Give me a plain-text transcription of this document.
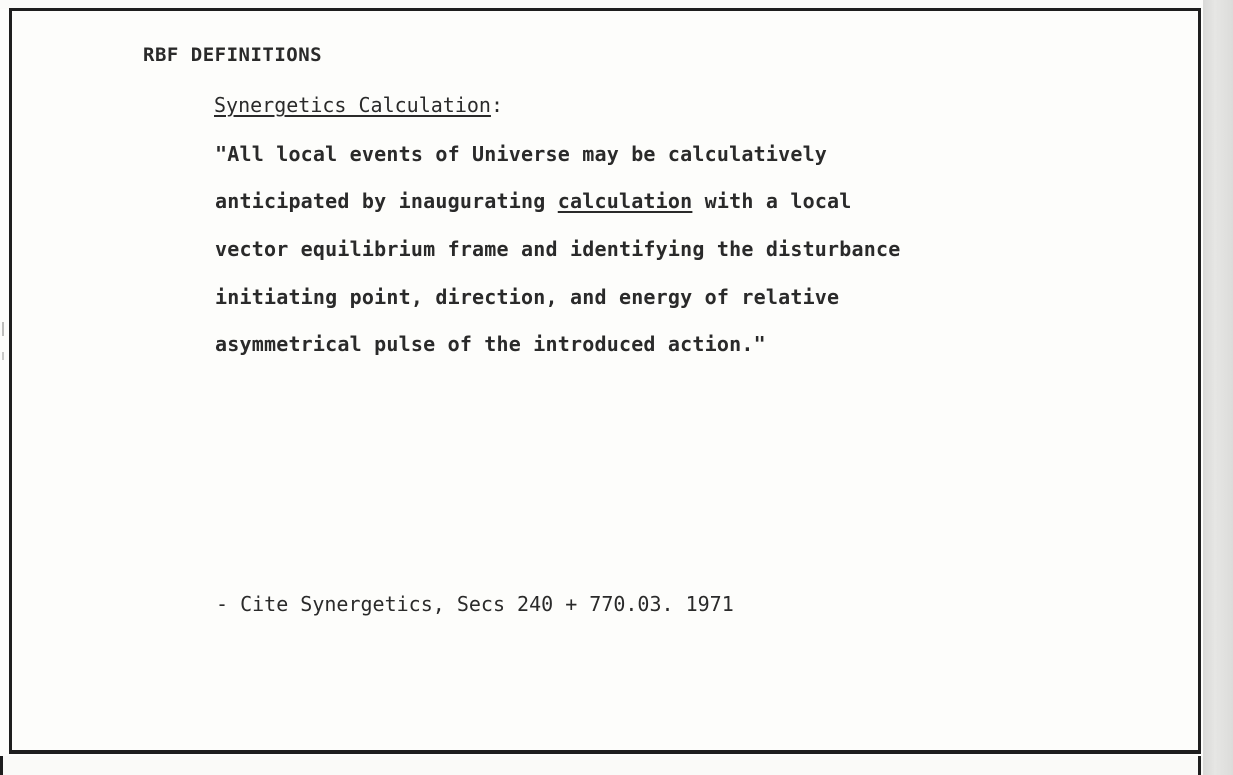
RBF DEFINITIONS
Synergetics Calculation:
"All local events of Universe may be calculatively
anticipated by inaugurating calculation with a local
vector equilibrium frame and identifying the disturbance
initiating point, direction, and energy of relative
asymmetrical pulse of the introduced action."
- Cite Synergetics, Secs 240 + 770.03. 1971
